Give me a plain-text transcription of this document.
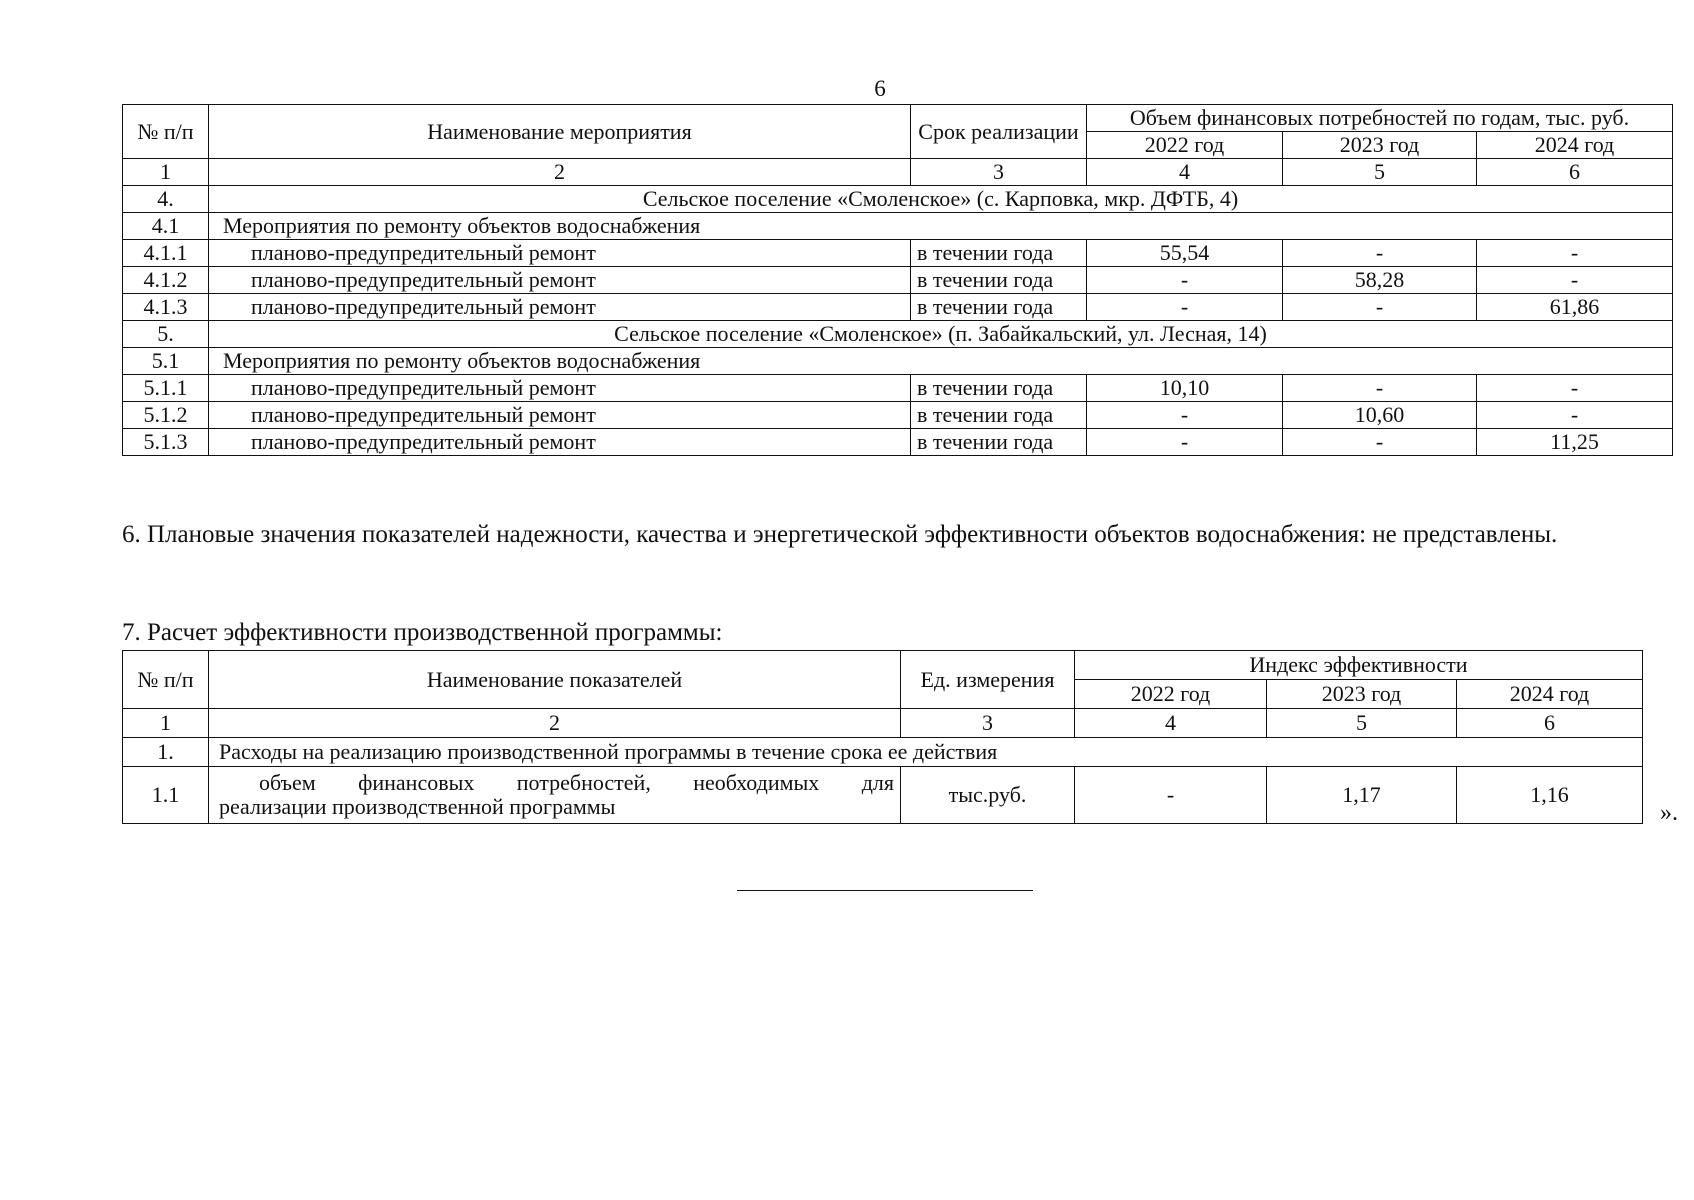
6
№ п/п	Наименование мероприятия	Срок реализации	Объем финансовых потребностей по годам, тыс. руб.		
			2022 год	2023 год	2024 год
1	2	3	4	5	6
4.	Сельское поселение «Смоленское» (с. Карповка, мкр. ДФТБ, 4)				
4.1	Мероприятия по ремонту объектов водоснабжения				
4.1.1	планово-предупредительный ремонт	в течении года	55,54	-	-
4.1.2	планово-предупредительный ремонт	в течении года	-	58,28	-
4.1.3	планово-предупредительный ремонт	в течении года	-	-	61,86
5.	Сельское поселение «Смоленское» (п. Забайкальский, ул. Лесная, 14)				
5.1	Мероприятия по ремонту объектов водоснабжения				
5.1.1	планово-предупредительный ремонт	в течении года	10,10	-	-
5.1.2	планово-предупредительный ремонт	в течении года	-	10,60	-
5.1.3	планово-предупредительный ремонт	в течении года	-	-	11,25
6. Плановые значения показателей надежности, качества и энергетической эффективности объектов водоснабжения: не представлены.
7. Расчет эффективности производственной программы:
№ п/п	Наименование показателей	Ед. измерения	Индекс эффективности		
			2022 год	2023 год	2024 год
1	2	3	4	5	6
1.	Расходы на реализацию производственной программы в течение срока ее действия				
1.1	объем финансовых потребностей, необходимых для
реализации производственной программы	тыс.руб.	-	1,17	1,16
».
